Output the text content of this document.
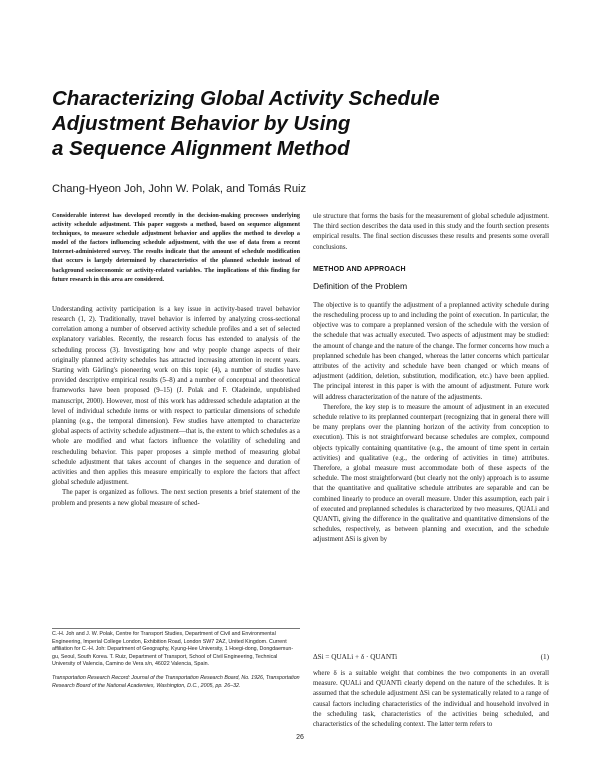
Characterizing Global Activity Schedule
Adjustment Behavior by Using
a Sequence Alignment Method
Chang-Hyeon Joh, John W. Polak, and Tomás Ruiz

Considerable interest has developed recently in the decision-making processes underlying activity schedule adjustment. This paper suggests a method, based on sequence alignment techniques, to measure schedule adjustment behavior and applies the method to develop a model of the factors influencing schedule adjustment, with the use of data from a recent Internet-administered survey. The results indicate that the amount of schedule modification that occurs is largely determined by characteristics of the planned schedule instead of background socioeconomic or activity-related variables. The implications of this finding for future research in this area are considered.

Understanding activity participation is a key issue in activity-based travel behavior research (1, 2). Traditionally, travel behavior is inferred by analyzing cross-sectional correlation among a number of observed activity schedule profiles and a set of selected explanatory variables. Recently, the research focus has extended to analysis of the scheduling process (3). Investigating how and why people change aspects of their originally planned activity schedules has attracted increasing attention in recent years. Starting with Gärling's pioneering work on this topic (4), a number of studies have provided descriptive empirical results (5–8) and a number of conceptual and theoretical frameworks have been proposed (9–15) (J. Polak and F. Oladeinde, unpublished manuscript, 2000). However, most of this work has addressed schedule adaptation at the level of individual schedule items or with respect to particular dimensions of schedule planning (e.g., the temporal dimension). Few studies have attempted to characterize global aspects of activity schedule adjustment—that is, the extent to which schedules as a whole are modified and what factors influence the volatility of scheduling and rescheduling behavior. This paper proposes a simple method of measuring global schedule adjustment that takes account of changes in the sequence and duration of activities and then applies this measure empirically to explore the factors that affect global schedule adjustment.

The paper is organized as follows. The next section presents a brief statement of the problem and presents a new global measure of sched-

C.-H. Joh and J. W. Polak, Centre for Transport Studies, Department of Civil and Environmental Engineering, Imperial College London, Exhibition Road, London SW7 2AZ, United Kingdom. Current affiliation for C.-H. Joh: Department of Geography, Kyung-Hee University, 1 Hoegi-dong, Dongdaemun-gu, Seoul, South Korea. T. Ruiz, Department of Transport, School of Civil Engineering, Technical University of Valencia, Camino de Vera s/n, 46022 Valencia, Spain.

Transportation Research Record: Journal of the Transportation Research Board, No. 1926, Transportation Research Board of the National Academies, Washington, D.C., 2005, pp. 26–32.

ule structure that forms the basis for the measurement of global schedule adjustment. The third section describes the data used in this study and the fourth section presents empirical results. The final section discusses these results and presents some overall conclusions.

METHOD AND APPROACH
Definition of the Problem

The objective is to quantify the adjustment of a preplanned activity schedule during the rescheduling process up to and including the point of execution. In particular, the objective was to compare a preplanned version of the schedule with the version of the schedule that was actually executed. Two aspects of adjustment may be studied: the amount of change and the nature of the change. The former concerns how much a preplanned schedule has been changed, whereas the latter concerns which particular attributes of the activity and schedule have been changed or which means of adjustment (addition, deletion, substitution, modification, etc.) have been applied. The principal interest in this paper is with the amount of adjustment. Future work will address characterization of the nature of the adjustments.

Therefore, the key step is to measure the amount of adjustment in an executed schedule relative to its preplanned counterpart (recognizing that in general there will be many preplans over the planning horizon of the activity from conception to execution). This is not straightforward because schedules are complex, compound objects typically containing quantitative (e.g., the amount of time spent in certain activities) and qualitative (e.g., the ordering of activities in time) attributes. Therefore, a global measure must accommodate both of these aspects of the schedule. The most straightforward (but clearly not the only) approach is to assume that the quantitative and qualitative schedule attributes are separable and can be combined linearly to produce an overall measure. Under this assumption, each pair i of executed and preplanned schedules is characterized by two measures, QUALi and QUANTi, giving the difference in the qualitative and quantitative dimensions of the schedules, respectively, as between planning and execution, and the schedule adjustment ΔSi is given by

ΔSi = QUALi + δ · QUANTi	(1)

where δ is a suitable weight that combines the two components in an overall measure. QUALi and QUANTi clearly depend on the nature of the schedules. It is assumed that the schedule adjustment ΔSi can be systematically related to a range of causal factors including characteristics of the individual and household involved in the scheduling task, characteristics of the activities being scheduled, and characteristics of the scheduling context. The latter term refers to

26
